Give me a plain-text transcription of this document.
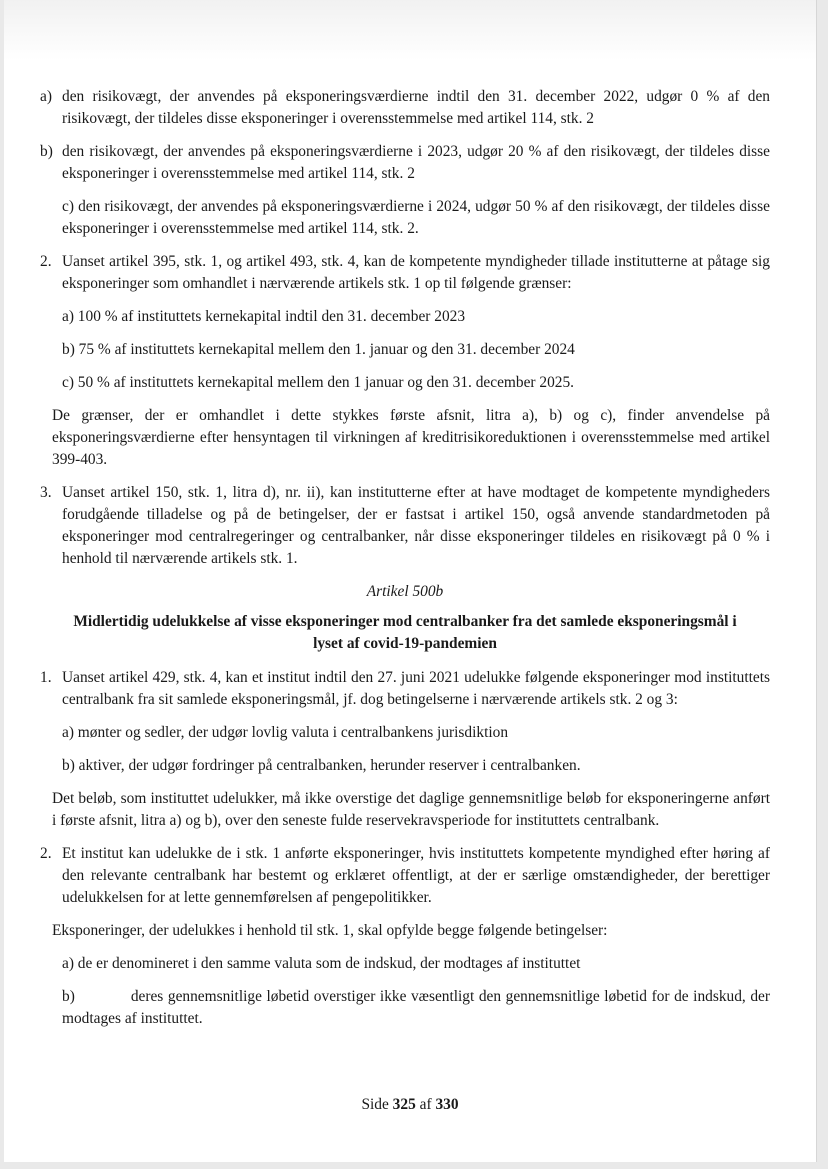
a) den risikovægt, der anvendes på eksponeringsværdierne indtil den 31. december 2022, udgør 0 % af den risikovægt, der tildeles disse eksponeringer i overensstemmelse med artikel 114, stk. 2
b) den risikovægt, der anvendes på eksponeringsværdierne i 2023, udgør 20 % af den risikovægt, der tildeles disse eksponeringer i overensstemmelse med artikel 114, stk. 2
c) den risikovægt, der anvendes på eksponeringsværdierne i 2024, udgør 50 % af den risikovægt, der tildeles disse eksponeringer i overensstemmelse med artikel 114, stk. 2.
2. Uanset artikel 395, stk. 1, og artikel 493, stk. 4, kan de kompetente myndigheder tillade institutterne at påtage sig eksponeringer som omhandlet i nærværende artikels stk. 1 op til følgende grænser:
a) 100 % af instituttets kernekapital indtil den 31. december 2023
b) 75 % af instituttets kernekapital mellem den 1. januar og den 31. december 2024
c) 50 % af instituttets kernekapital mellem den 1 januar og den 31. december 2025.
De grænser, der er omhandlet i dette stykkes første afsnit, litra a), b) og c), finder anvendelse på eksponeringsværdierne efter hensyntagen til virkningen af kreditrisikoreduktionen i overensstemmelse med artikel 399-403.
3. Uanset artikel 150, stk. 1, litra d), nr. ii), kan institutterne efter at have modtaget de kompetente myndigheders forudgående tilladelse og på de betingelser, der er fastsat i artikel 150, også anvende standardmetoden på eksponeringer mod centralregeringer og centralbanker, når disse eksponeringer tildeles en risikovægt på 0 % i henhold til nærværende artikels stk. 1.
Artikel 500b
Midlertidig udelukkelse af visse eksponeringer mod centralbanker fra det samlede eksponeringsmål i lyset af covid-19-pandemien
1. Uanset artikel 429, stk. 4, kan et institut indtil den 27. juni 2021 udelukke følgende eksponeringer mod instituttets centralbank fra sit samlede eksponeringsmål, jf. dog betingelserne i nærværende artikels stk. 2 og 3:
a) mønter og sedler, der udgør lovlig valuta i centralbankens jurisdiktion
b) aktiver, der udgør fordringer på centralbanken, herunder reserver i centralbanken.
Det beløb, som instituttet udelukker, må ikke overstige det daglige gennemsnitlige beløb for eksponeringerne anført i første afsnit, litra a) og b), over den seneste fulde reservekravsperiode for instituttets centralbank.
2. Et institut kan udelukke de i stk. 1 anførte eksponeringer, hvis instituttets kompetente myndighed efter høring af den relevante centralbank har bestemt og erklæret offentligt, at der er særlige omstændigheder, der berettiger udelukkelsen for at lette gennemførelsen af pengepolitikker.
Eksponeringer, der udelukkes i henhold til stk. 1, skal opfylde begge følgende betingelser:
a) de er denomineret i den samme valuta som de indskud, der modtages af instituttet
b)	deres gennemsnitlige løbetid overstiger ikke væsentligt den gennemsnitlige løbetid for de indskud, der modtages af instituttet.
Side 325 af 330
